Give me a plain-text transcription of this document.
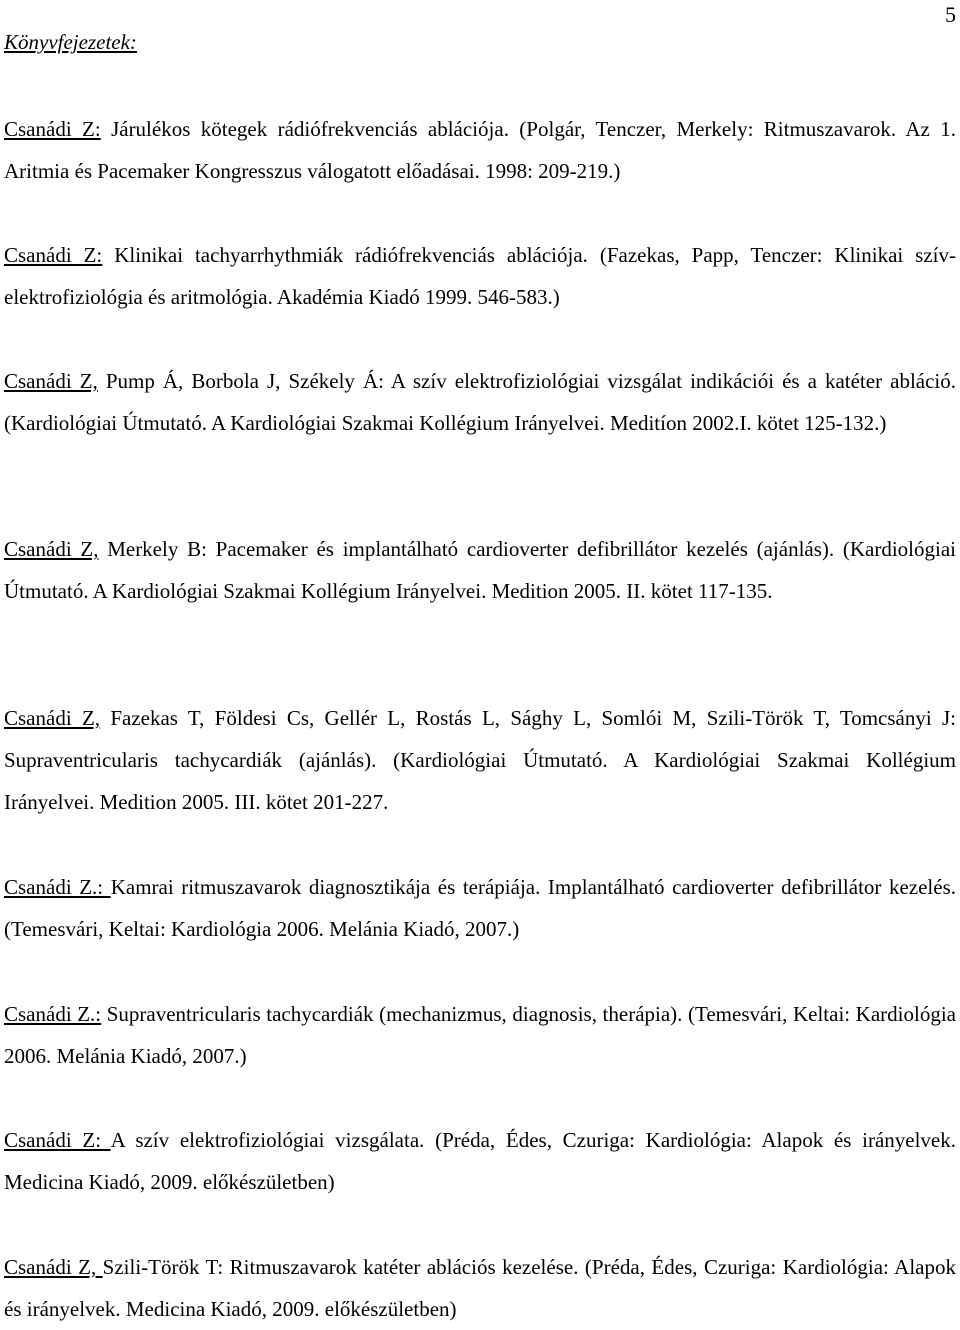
5
Könyvfejezetek:

Csanádi Z: Járulékos kötegek rádiófrekvenciás ablációja. (Polgár, Tenczer, Merkely: Ritmuszavarok. Az 1. Aritmia és Pacemaker Kongresszus válogatott előadásai. 1998: 209-219.)

Csanádi Z: Klinikai tachyarrhythmiák rádiófrekvenciás ablációja. (Fazekas, Papp, Tenczer: Klinikai szív-elektrofiziológia és aritmológia. Akadémia Kiadó 1999. 546-583.)

Csanádi Z, Pump Á, Borbola J, Székely Á: A szív elektrofiziológiai vizsgálat indikációi és a katéter abláció. (Kardiológiai Útmutató. A Kardiológiai Szakmai Kollégium Irányelvei. Meditíon 2002.I. kötet 125-132.)

Csanádi Z, Merkely B: Pacemaker és implantálható cardioverter defibrillátor kezelés (ajánlás). (Kardiológiai Útmutató. A Kardiológiai Szakmai Kollégium Irányelvei. Medition 2005. II. kötet 117-135.

Csanádi Z, Fazekas T, Földesi Cs, Gellér L, Rostás L, Sághy L, Somlói M, Szili-Török T, Tomcsányi J: Supraventricularis tachycardiák (ajánlás). (Kardiológiai Útmutató. A Kardiológiai Szakmai Kollégium Irányelvei. Medition 2005. III. kötet 201-227.

Csanádi Z.: Kamrai ritmuszavarok diagnosztikája és terápiája. Implantálható cardioverter defibrillátor kezelés. (Temesvári, Keltai: Kardiológia 2006. Melánia Kiadó, 2007.)

Csanádi Z.: Supraventricularis tachycardiák (mechanizmus, diagnosis, therápia). (Temesvári, Keltai: Kardiológia 2006. Melánia Kiadó, 2007.)

Csanádi Z: A szív elektrofiziológiai vizsgálata. (Préda, Édes, Czuriga: Kardiológia: Alapok és irányelvek. Medicina Kiadó, 2009. előkészületben)

Csanádi Z, Szili-Török T: Ritmuszavarok katéter ablációs kezelése. (Préda, Édes, Czuriga: Kardiológia: Alapok és irányelvek. Medicina Kiadó, 2009. előkészületben)
